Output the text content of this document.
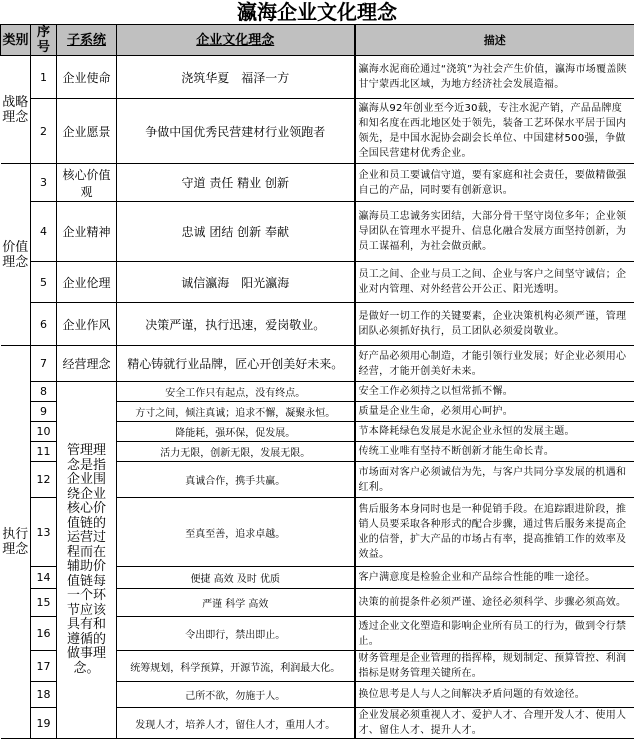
瀛海企业文化理念
类别	序号	子系统	企业文化理念	描述
战略理念	1	企业使命	浇筑华夏　福泽一方	瀛海水泥商砼通过“浇筑”为社会产生价值，瀛海市场覆盖陕甘宁蒙西北区域，为地方经济社会发展造福。
	2	企业愿景	争做中国优秀民营建材行业领跑者	瀛海从92年创业至今近30载，专注水泥产销，产品品牌度和知名度在西北地区处于领先，装备工艺环保水平居于国内领先，是中国水泥协会副会长单位、中国建材500强，争做全国民营建材优秀企业。
价值理念	3	核心价值观	守道 责任 精业 创新	企业和员工要诚信守道，要有家庭和社会责任，要做精做强自己的产品，同时要有创新意识。
	4	企业精神	忠诚 团结 创新 奉献	瀛海员工忠诚务实团结，大部分骨干坚守岗位多年；企业领导团队在管理水平提升、信息化融合发展方面坚持创新，为员工谋福利，为社会做贡献。
	5	企业伦理	诚信瀛海　阳光瀛海	员工之间、企业与员工之间、企业与客户之间坚守诚信；企业对内管理、对外经营公开公正、阳光透明。
	6	企业作风	决策严谨，执行迅速，爱岗敬业。	是做好一切工作的关键要素，企业决策机构必须严谨，管理团队必须抓好执行，员工团队必须爱岗敬业。
执行理念	7	经营理念	精心铸就行业品牌，匠心开创美好未来。	好产品必须用心制造，才能引领行业发展；好企业必须用心经营，才能开创美好未来。
	8	管理理念是指企业围绕企业核心价值链的运营过程而在辅助价值链每一个环节应该具有和遵循的做事理念。	安全工作只有起点，没有终点。	安全工作必须持之以恒常抓不懈。
	9		方寸之间，倾注真诚；追求不懈，凝聚永恒。	质量是企业生命，必须用心呵护。
	10		降能耗，强环保，促发展。	节本降耗绿色发展是水泥企业永恒的发展主题。
	11		活力无限，创新无限，发展无限。	传统工业唯有坚持不断创新才能生命长青。
	12		真诚合作，携手共赢。	市场面对客户必须诚信为先，与客户共同分享发展的机遇和红利。
	13		至真至善，追求卓越。	售后服务本身同时也是一种促销手段。在追踪跟进阶段，推销人员要采取各种形式的配合步骤，通过售后服务来提高企业的信誉，扩大产品的市场占有率，提高推销工作的效率及效益。
	14		便捷 高效 及时 优质	客户满意度是检验企业和产品综合性能的唯一途径。
	15		严谨 科学 高效	决策的前提条件必须严谨、途径必须科学、步骤必须高效。
	16		令出即行，禁出即止。	透过企业文化塑造和影响企业所有员工的行为，做到令行禁止。
	17		统筹规划，科学预算，开源节流，利润最大化。	财务管理是企业管理的指挥棒，规划制定、预算管控、利润指标是财务管理关键所在。
	18		己所不欲，勿施于人。	换位思考是人与人之间解决矛盾问题的有效途径。
	19		发现人才，培养人才，留住人才，重用人才。	企业发展必须重视人才、爱护人才、合理开发人才、使用人才、留住人才、提升人才。
